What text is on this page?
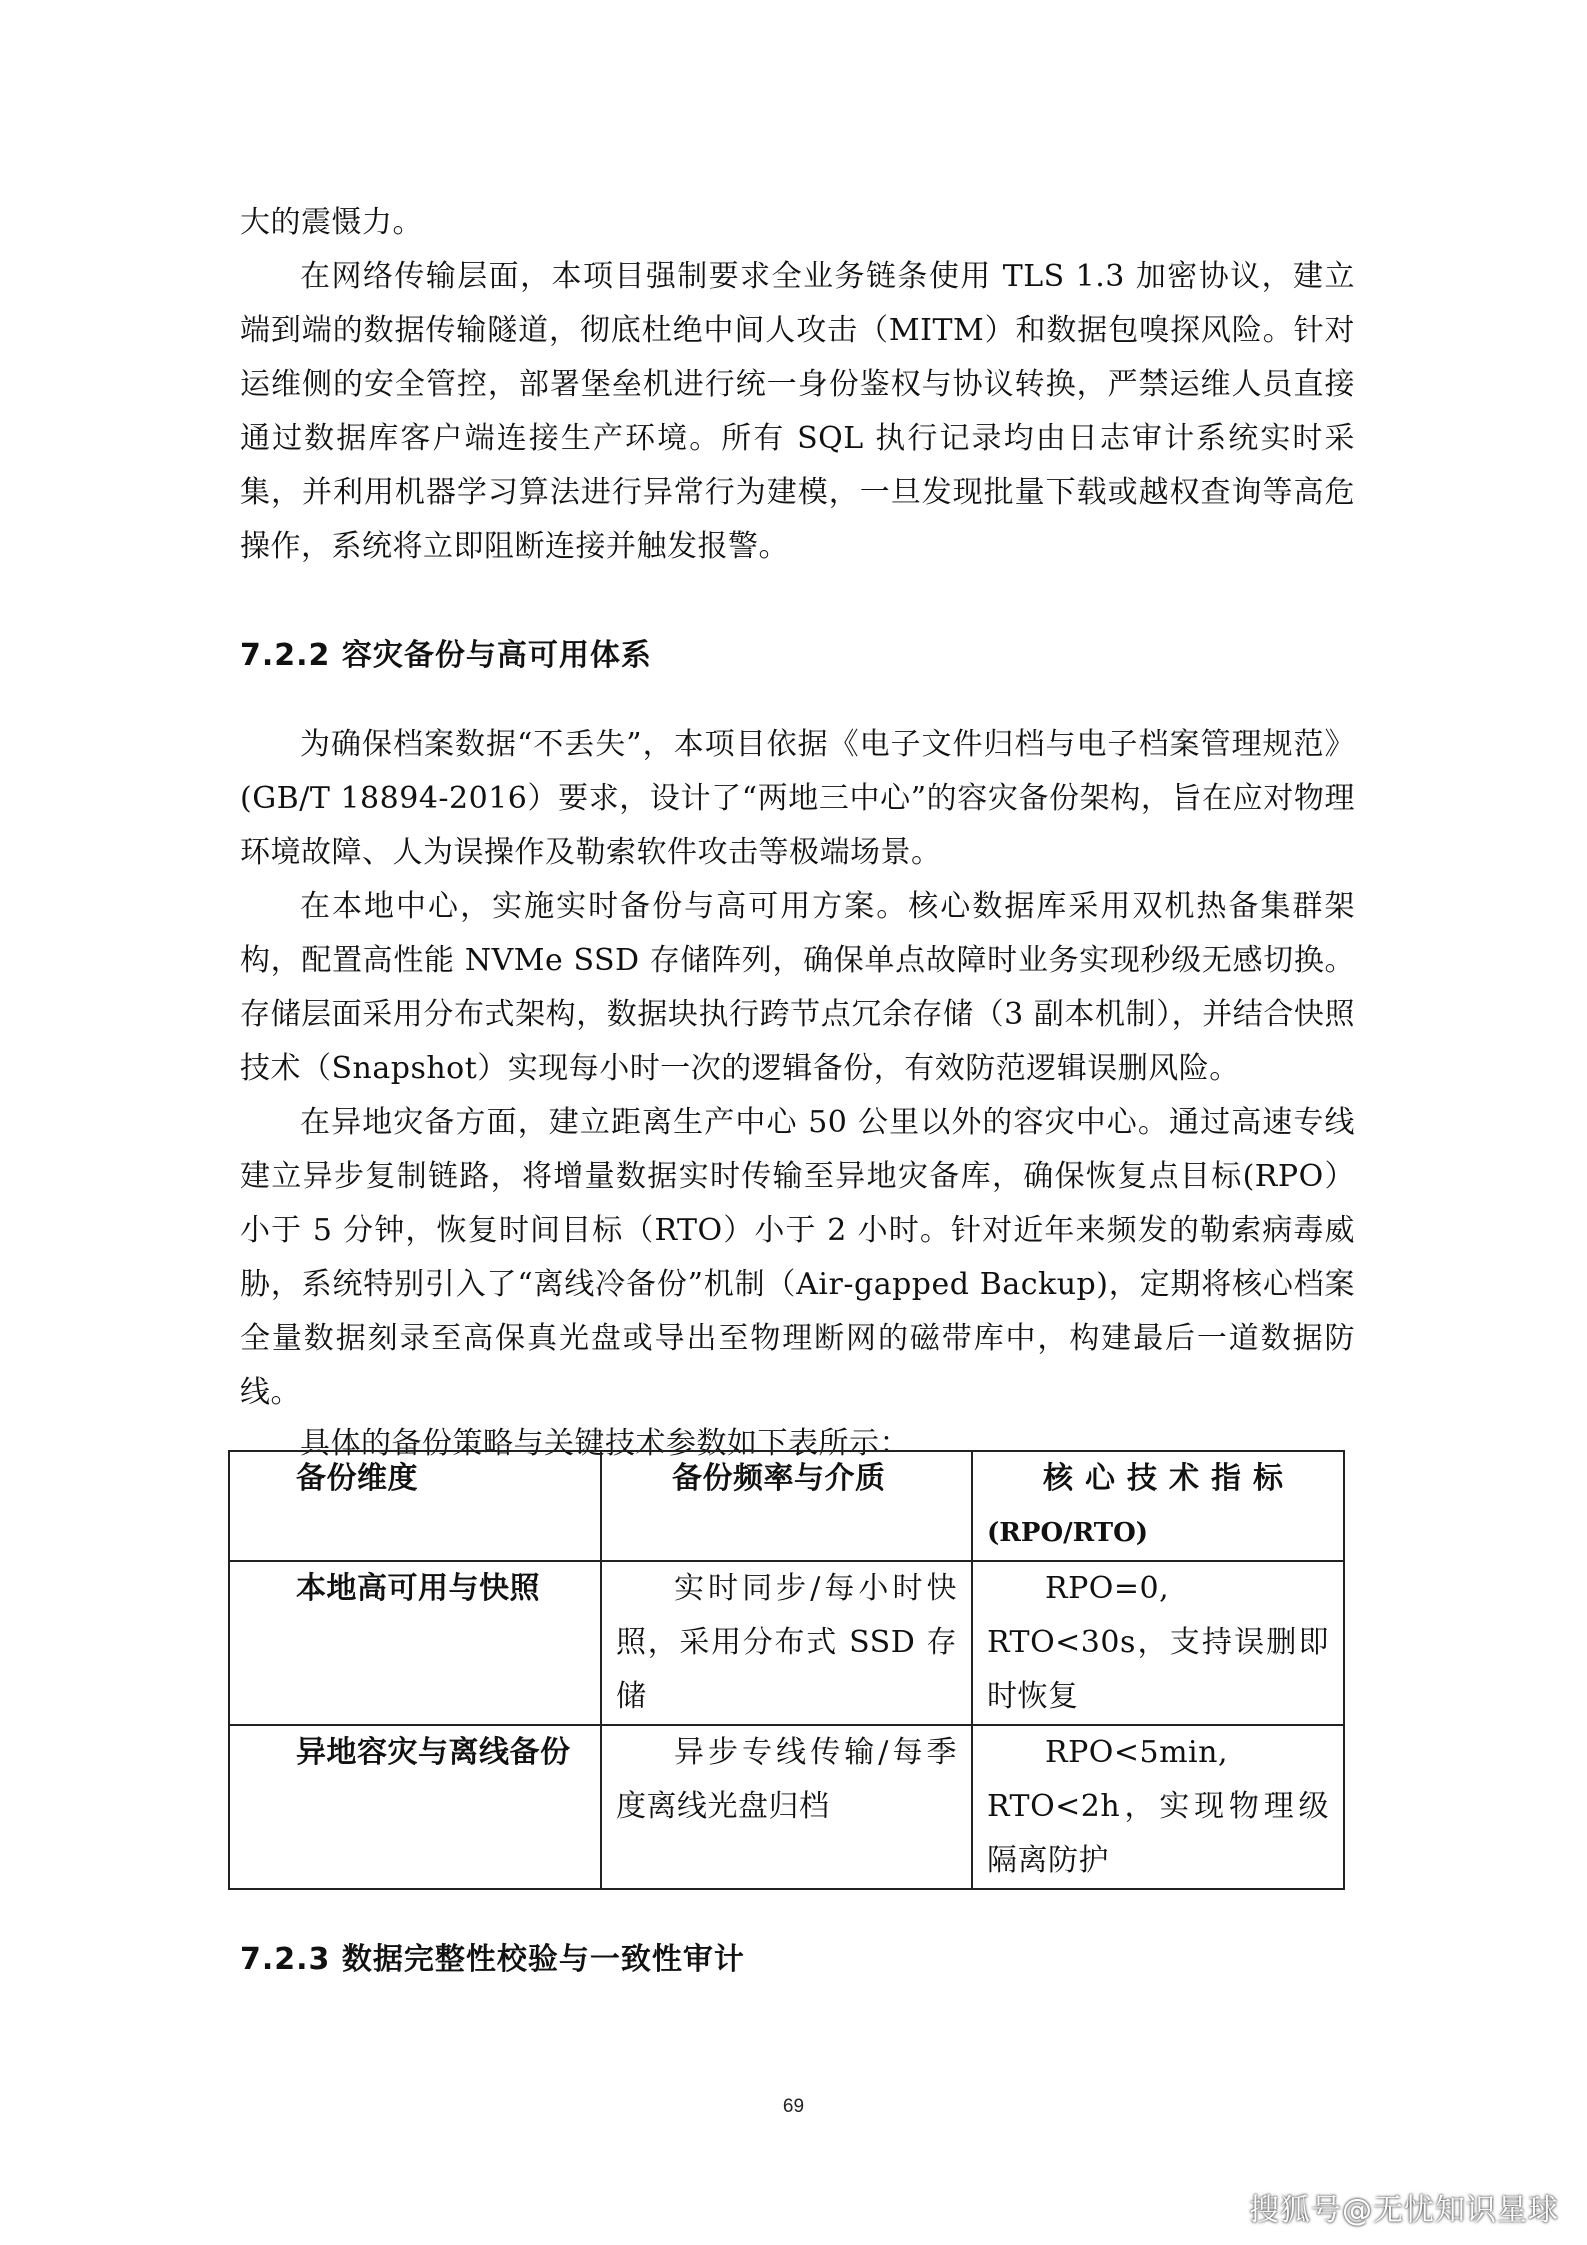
大的震慑力。

在网络传输层面，本项目强制要求全业务链条使用 TLS 1.3 加密协议，建立端到端的数据传输隧道，彻底杜绝中间人攻击（MITM）和数据包嗅探风险。针对运维侧的安全管控，部署堡垒机进行统一身份鉴权与协议转换，严禁运维人员直接通过数据库客户端连接生产环境。所有 SQL 执行记录均由日志审计系统实时采集，并利用机器学习算法进行异常行为建模，一旦发现批量下载或越权查询等高危操作，系统将立即阻断连接并触发报警。

7.2.2 容灾备份与高可用体系

为确保档案数据“不丢失”，本项目依据《电子文件归档与电子档案管理规范》(GB/T 18894-2016）要求，设计了“两地三中心”的容灾备份架构，旨在应对物理环境故障、人为误操作及勒索软件攻击等极端场景。

在本地中心，实施实时备份与高可用方案。核心数据库采用双机热备集群架构，配置高性能 NVMe SSD 存储阵列，确保单点故障时业务实现秒级无感切换。存储层面采用分布式架构，数据块执行跨节点冗余存储（3 副本机制），并结合快照技术（Snapshot）实现每小时一次的逻辑备份，有效防范逻辑误删风险。

在异地灾备方面，建立距离生产中心 50 公里以外的容灾中心。通过高速专线建立异步复制链路，将增量数据实时传输至异地灾备库，确保恢复点目标(RPO）小于 5 分钟，恢复时间目标（RTO）小于 2 小时。针对近年来频发的勒索病毒威胁，系统特别引入了“离线冷备份”机制（Air-gapped Backup)，定期将核心档案全量数据刻录至高保真光盘或导出至物理断网的磁带库中，构建最后一道数据防线。

具体的备份策略与关键技术参数如下表所示：

备份维度	备份频率与介质	核心技术指标
(RPO/RTO)

本地高可用与快照	实时同步/每小时快照，采用分布式 SSD 存储	RPO=0, RTO<30s，支持误删即时恢复
异地容灾与离线备份	异步专线传输/每季度离线光盘归档	RPO<5min, RTO<2h，实现物理级隔离防护
7.2.3 数据完整性校验与一致性审计
69
搜狐号@无忧知识星球
